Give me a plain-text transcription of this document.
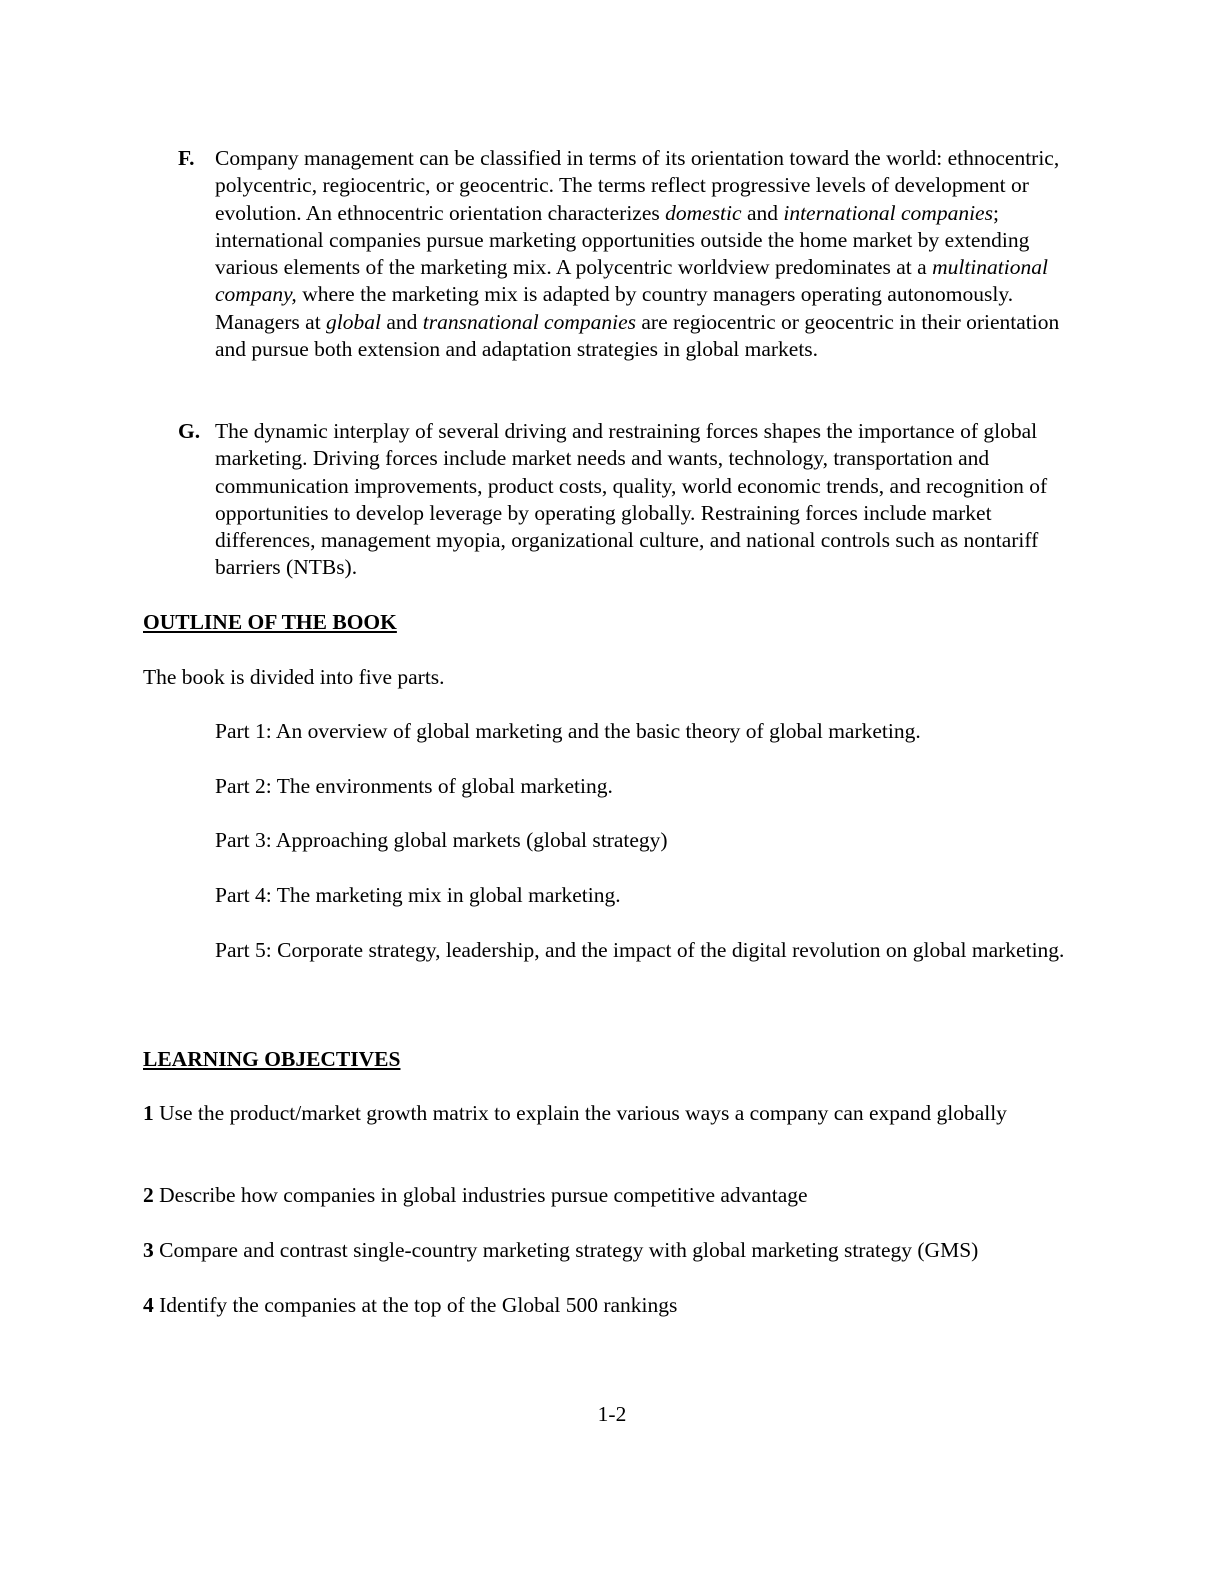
F. Company management can be classified in terms of its orientation toward the world: ethnocentric, polycentric, regiocentric, or geocentric. The terms reflect progressive levels of development or evolution. An ethnocentric orientation characterizes domestic and international companies; international companies pursue marketing opportunities outside the home market by extending various elements of the marketing mix. A polycentric worldview predominates at a multinational company, where the marketing mix is adapted by country managers operating autonomously. Managers at global and transnational companies are regiocentric or geocentric in their orientation and pursue both extension and adaptation strategies in global markets.
G. The dynamic interplay of several driving and restraining forces shapes the importance of global marketing. Driving forces include market needs and wants, technology, transportation and communication improvements, product costs, quality, world economic trends, and recognition of opportunities to develop leverage by operating globally. Restraining forces include market differences, management myopia, organizational culture, and national controls such as nontariff barriers (NTBs).
OUTLINE OF THE BOOK
The book is divided into five parts.
Part 1: An overview of global marketing and the basic theory of global marketing.
Part 2: The environments of global marketing.
Part 3: Approaching global markets (global strategy)
Part 4: The marketing mix in global marketing.
Part 5: Corporate strategy, leadership, and the impact of the digital revolution on global marketing.
LEARNING OBJECTIVES
1 Use the product/market growth matrix to explain the various ways a company can expand globally
2 Describe how companies in global industries pursue competitive advantage
3 Compare and contrast single-country marketing strategy with global marketing strategy (GMS)
4 Identify the companies at the top of the Global 500 rankings
1-2
